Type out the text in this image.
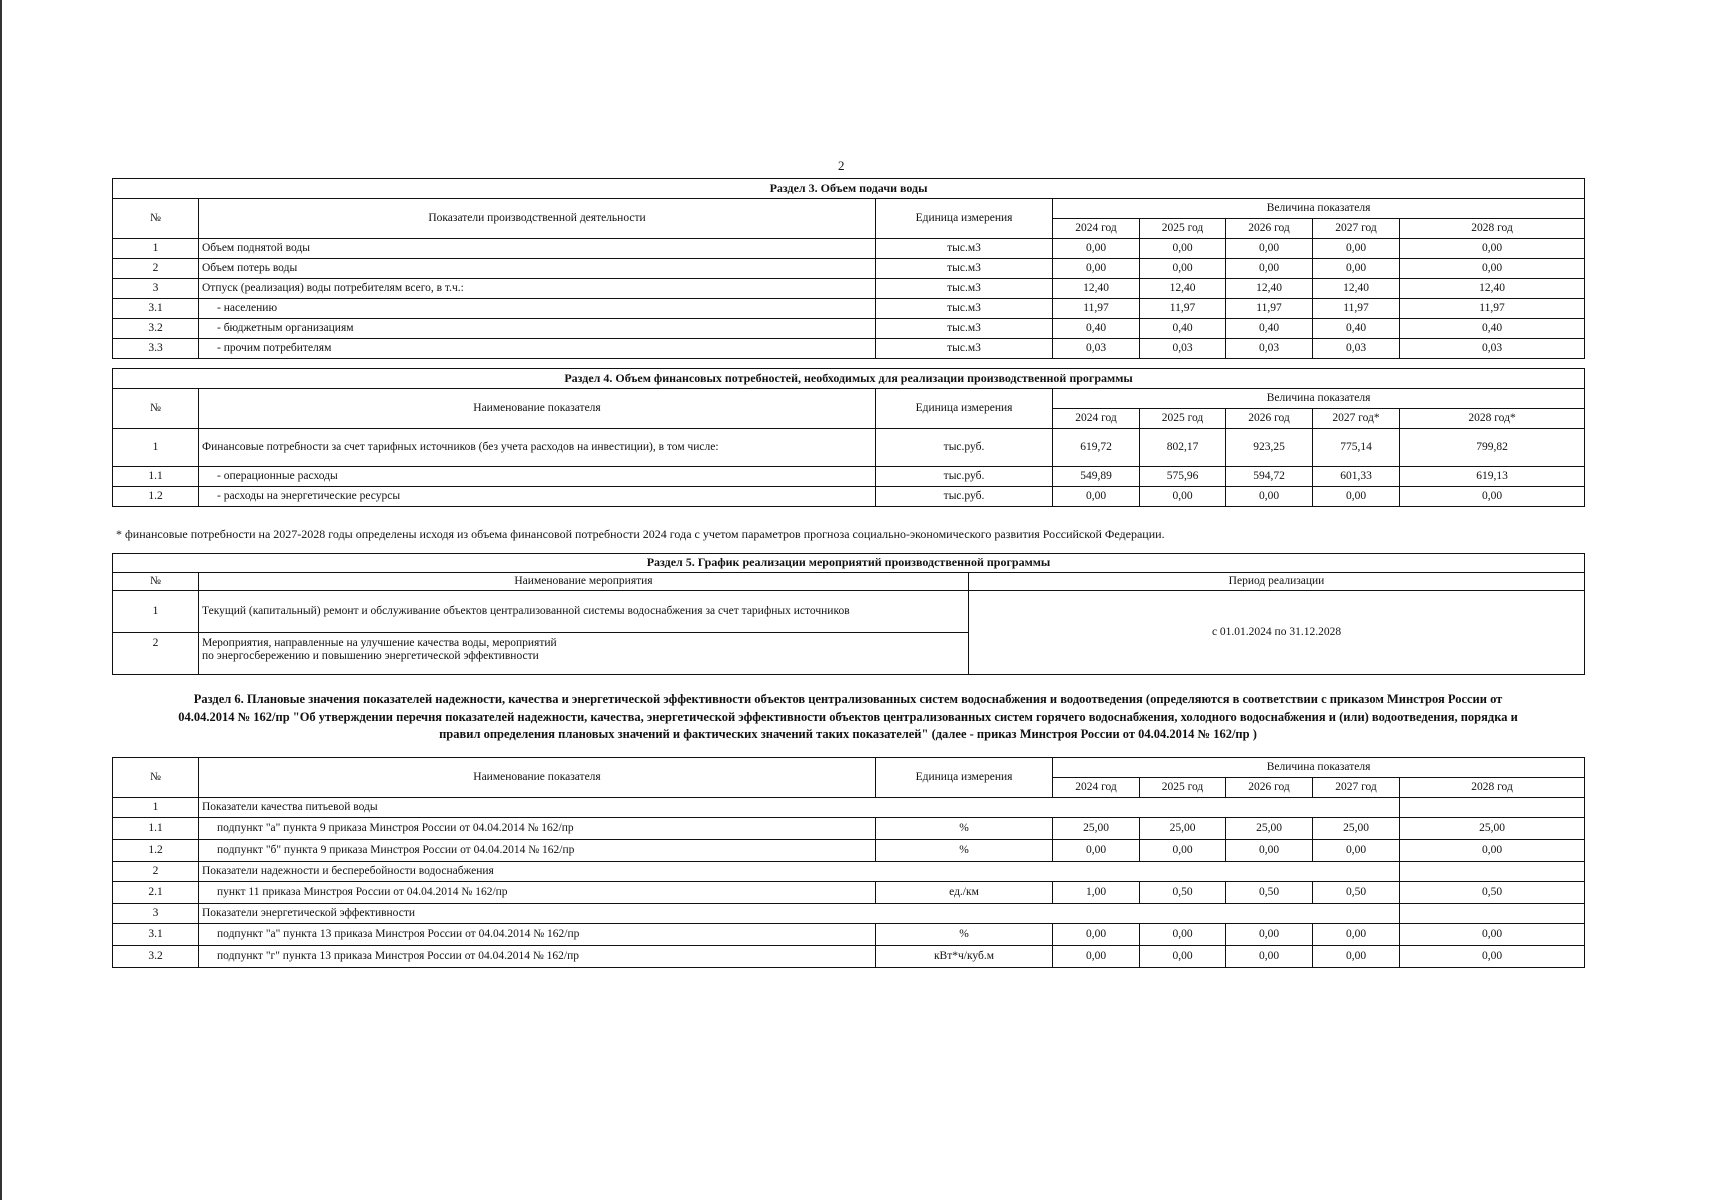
2
Раздел 3. Объем подачи воды							
№	Показатели производственной деятельности	Единица измерения	Величина показателя				
			2024 год	2025 год	2026 год	2027 год	2028 год
1	Объем поднятой воды	тыс.м3	0,00	0,00	0,00	0,00	0,00
2	Объем потерь воды	тыс.м3	0,00	0,00	0,00	0,00	0,00
3	Отпуск (реализация) воды потребителям всего, в т.ч.:	тыс.м3	12,40	12,40	12,40	12,40	12,40
3.1	- населению	тыс.м3	11,97	11,97	11,97	11,97	11,97
3.2	- бюджетным организациям	тыс.м3	0,40	0,40	0,40	0,40	0,40
3.3	- прочим потребителям	тыс.м3	0,03	0,03	0,03	0,03	0,03
Раздел 4. Объем финансовых потребностей, необходимых для реализации производственной программы							
№	Наименование показателя	Единица измерения	Величина показателя				
			2024 год	2025 год	2026 год	2027 год*	2028 год*
1	Финансовые потребности за счет тарифных источников (без учета расходов на инвестиции), в том числе:	тыс.руб.	619,72	802,17	923,25	775,14	799,82
1.1	- операционные расходы	тыс.руб.	549,89	575,96	594,72	601,33	619,13
1.2	- расходы на энергетические ресурсы	тыс.руб.	0,00	0,00	0,00	0,00	0,00
* финансовые потребности на 2027-2028 годы определены исходя из объема финансовой потребности 2024 года с учетом параметров прогноза социально-экономического развития Российской Федерации.
Раздел 5. График реализации мероприятий производственной программы		
№	Наименование мероприятия	Период реализации
1	Текущий (капитальный) ремонт и обслуживание объектов централизованной системы водоснабжения за счет тарифных источников	с 01.01.2024 по 31.12.2028
2	Мероприятия, направленные на улучшение качества воды, мероприятий
по энергосбережению и повышению энергетической эффективности	
Раздел 6. Плановые значения показателей надежности, качества и энергетической эффективности объектов централизованных систем водоснабжения и водоотведения (определяются в соответствии с приказом Минстроя России от
04.04.2014 № 162/пр "Об утверждении перечня показателей надежности, качества, энергетической эффективности объектов централизованных систем горячего водоснабжения, холодного водоснабжения и (или) водоотведения, порядка и
правил определения плановых значений и фактических значений таких показателей" (далее - приказ Минстроя России от 04.04.2014 № 162/пр )
№	Наименование показателя	Единица измерения	Величина показателя				
			2024 год	2025 год	2026 год	2027 год	2028 год
1	Показатели качества питьевой воды						
1.1	подпункт "а" пункта 9 приказа Минстроя России от 04.04.2014 № 162/пр	%	25,00	25,00	25,00	25,00	25,00
1.2	подпункт "б" пункта 9 приказа Минстроя России от 04.04.2014 № 162/пр	%	0,00	0,00	0,00	0,00	0,00
2	Показатели надежности и бесперебойности водоснабжения						
2.1	пункт 11 приказа Минстроя России от 04.04.2014 № 162/пр	ед./км	1,00	0,50	0,50	0,50	0,50
3	Показатели энергетической эффективности						
3.1	подпункт "а" пункта 13 приказа Минстроя России от 04.04.2014 № 162/пр	%	0,00	0,00	0,00	0,00	0,00
3.2	подпункт "г" пункта 13 приказа Минстроя России от 04.04.2014 № 162/пр	кВт*ч/куб.м	0,00	0,00	0,00	0,00	0,00
